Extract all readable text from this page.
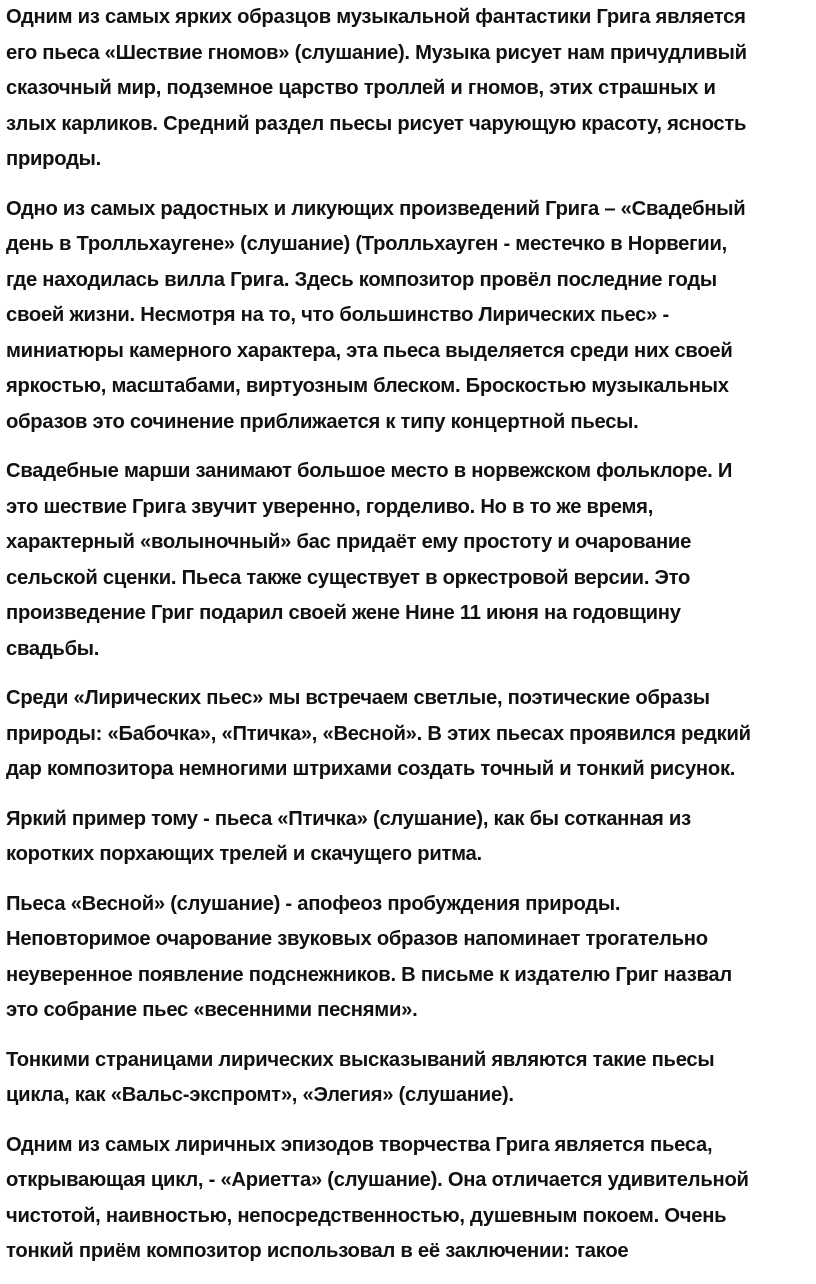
Одним из самых ярких образцов музыкальной фантастики Грига является
его пьеса «Шествие гномов» (слушание). Музыка рисует нам причудливый
сказочный мир, подземное царство троллей и гномов, этих страшных и
злых карликов. Средний раздел пьесы рисует чарующую красоту, ясность
природы.

Одно из самых радостных и ликующих произведений Грига – «Свадебный
день в Тролльхаугене» (слушание) (Тролльхауген - местечко в Норвегии,
где находилась вилла Грига. Здесь композитор провёл последние годы
своей жизни. Несмотря на то, что большинство Лирических пьес» -
миниатюры камерного характера, эта пьеса выделяется среди них своей
яркостью, масштабами, виртуозным блеском. Броскостью музыкальных
образов это сочинение приближается к типу концертной пьесы.

Свадебные марши занимают большое место в норвежском фольклоре. И
это шествие Грига звучит уверенно, горделиво. Но в то же время,
характерный «волыночный» бас придаёт ему простоту и очарование
сельской сценки. Пьеса также существует в оркестровой версии. Это
произведение Григ подарил своей жене Нине 11 июня на годовщину
свадьбы.

Среди «Лирических пьес» мы встречаем светлые, поэтические образы
природы: «Бабочка», «Птичка», «Весной». В этих пьесах проявился редкий
дар композитора немногими штрихами создать точный и тонкий рисунок.

Яркий пример тому - пьеса «Птичка» (слушание), как бы сотканная из
коротких порхающих трелей и скачущего ритма.

Пьеса «Весной» (слушание) - апофеоз пробуждения природы.
Неповторимое очарование звуковых образов напоминает трогательно
неуверенное появление подснежников. В письме к издателю Григ назвал
это собрание пьес «весенними песнями».

Тонкими страницами лирических высказываний являются такие пьесы
цикла, как «Вальс-экспромт», «Элегия» (слушание).

Одним из самых лиричных эпизодов творчества Грига является пьеса,
открывающая цикл, - «Ариетта» (слушание). Она отличается удивительной
чистотой, наивностью, непосредственностью, душевным покоем. Очень
тонкий приём композитор использовал в её заключении: такое
